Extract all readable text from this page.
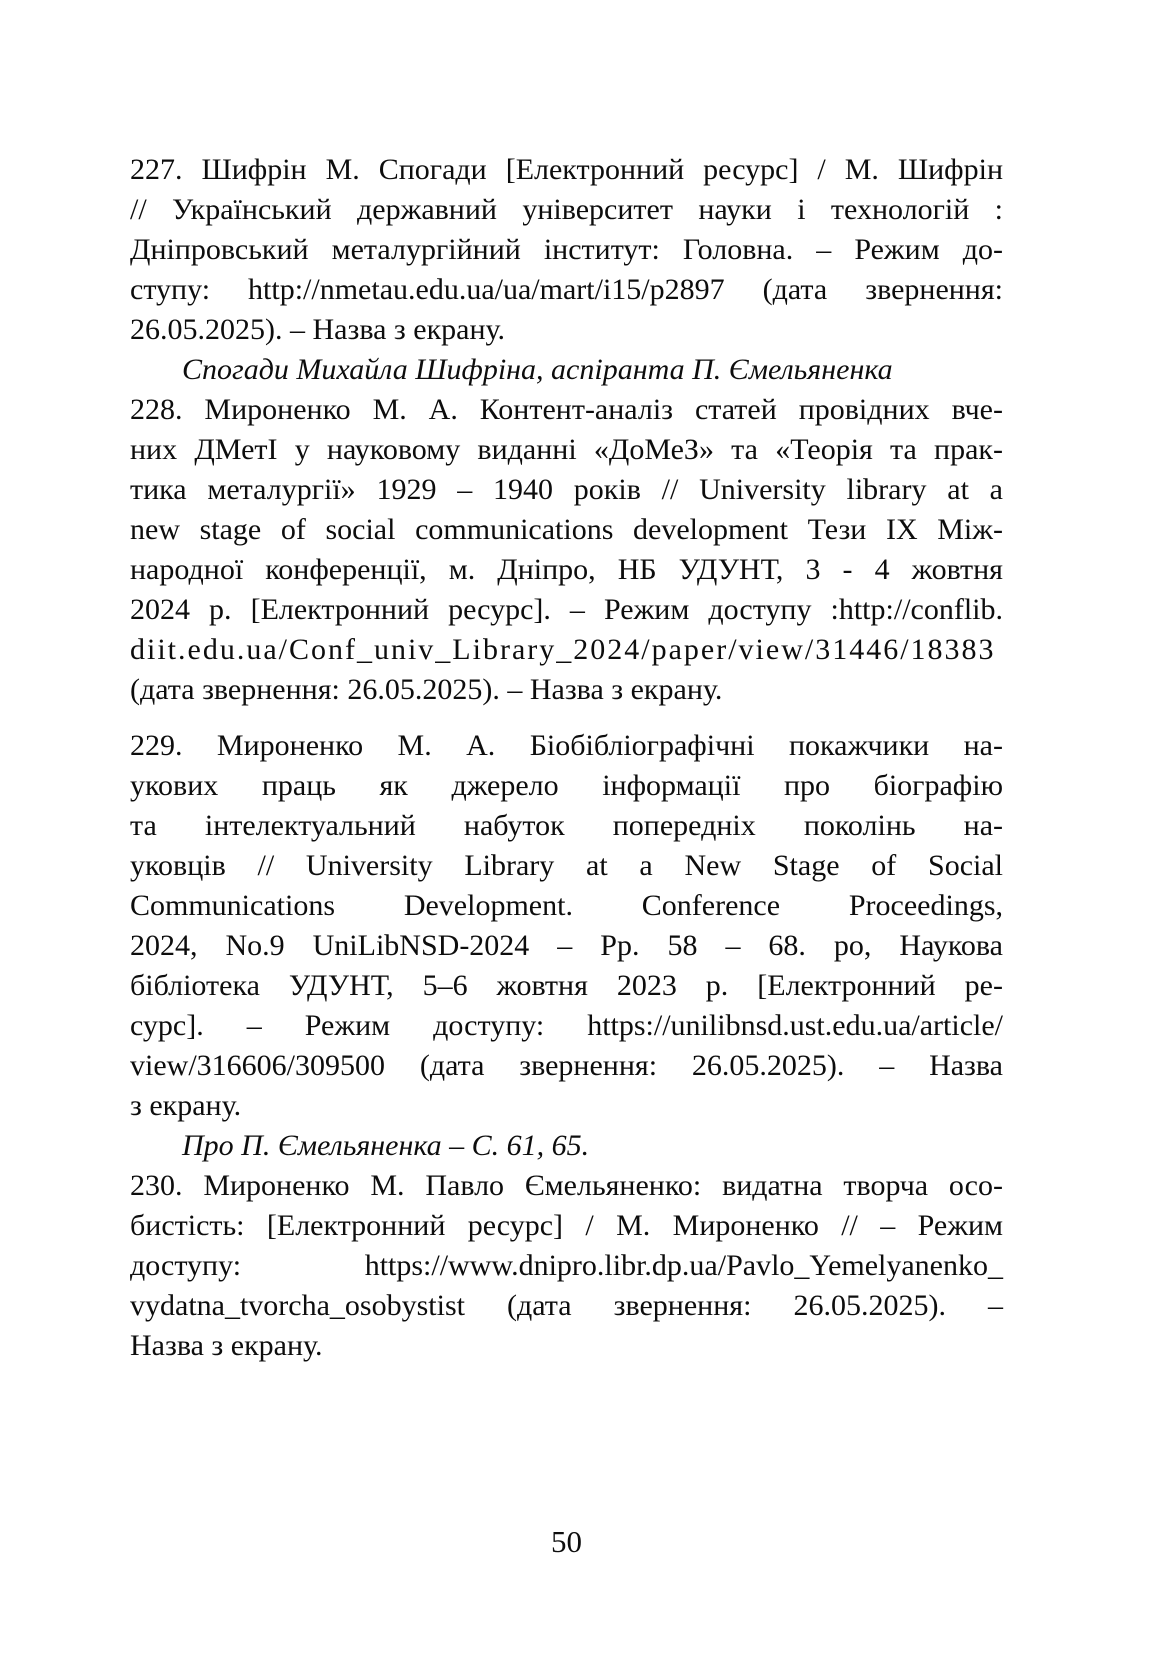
227. Шифрін М. Спогади [Електронний ресурс] / М. Шифрін
// Український державний університет науки і технологій :
Дніпровський металургійний інститут: Головна. – Режим до-
ступу: http://nmetau.edu.ua/ua/mart/i15/p2897 (дата звернення:
26.05.2025). – Назва з екрану.
Спогади Михайла Шифріна, аспіранта П. Ємельяненка
228. Мироненко М. А. Контент-аналіз статей провідних вче-
них ДМетІ у науковому виданні «ДоМеЗ» та «Теорія та прак-
тика металургії» 1929 – 1940 років // University library at a
new stage of social communications development Тези IX Між-
народної конференції, м. Дніпро, НБ УДУНТ, 3 - 4 жовтня
2024 р. [Електронний ресурс]. – Режим доступу :http://conflib.
diit.edu.ua/Conf_univ_Library_2024/paper/view/31446/18383
(дата звернення: 26.05.2025). – Назва з екрану.
229. Мироненко М. А. Біобібліографічні покажчики на-
укових праць як джерело інформації про біографію
та інтелектуальний набуток попередніх поколінь на-
уковців // University Library at a New Stage of Social
Communications Development. Conference Proceedings,
2024, No.9 UniLibNSD-2024 – Pp. 58 – 68. ро, Наукова
бібліотека УДУНТ, 5–6 жовтня 2023 р. [Електронний ре-
сурс]. – Режим доступу: https://unilibnsd.ust.edu.ua/article/
view/316606/309500 (дата звернення: 26.05.2025). – Назва
з екрану.
Про П. Ємельяненка – С. 61, 65.
230. Мироненко М. Павло Ємельяненко: видатна творча осо-
бистість: [Електронний ресурс] / М. Мироненко // – Режим
доступу: https://www.dnipro.libr.dp.ua/Pavlo_Yemelyanenko_
vydatna_tvorcha_osobystist (дата звернення: 26.05.2025). –
Назва з екрану.
50
